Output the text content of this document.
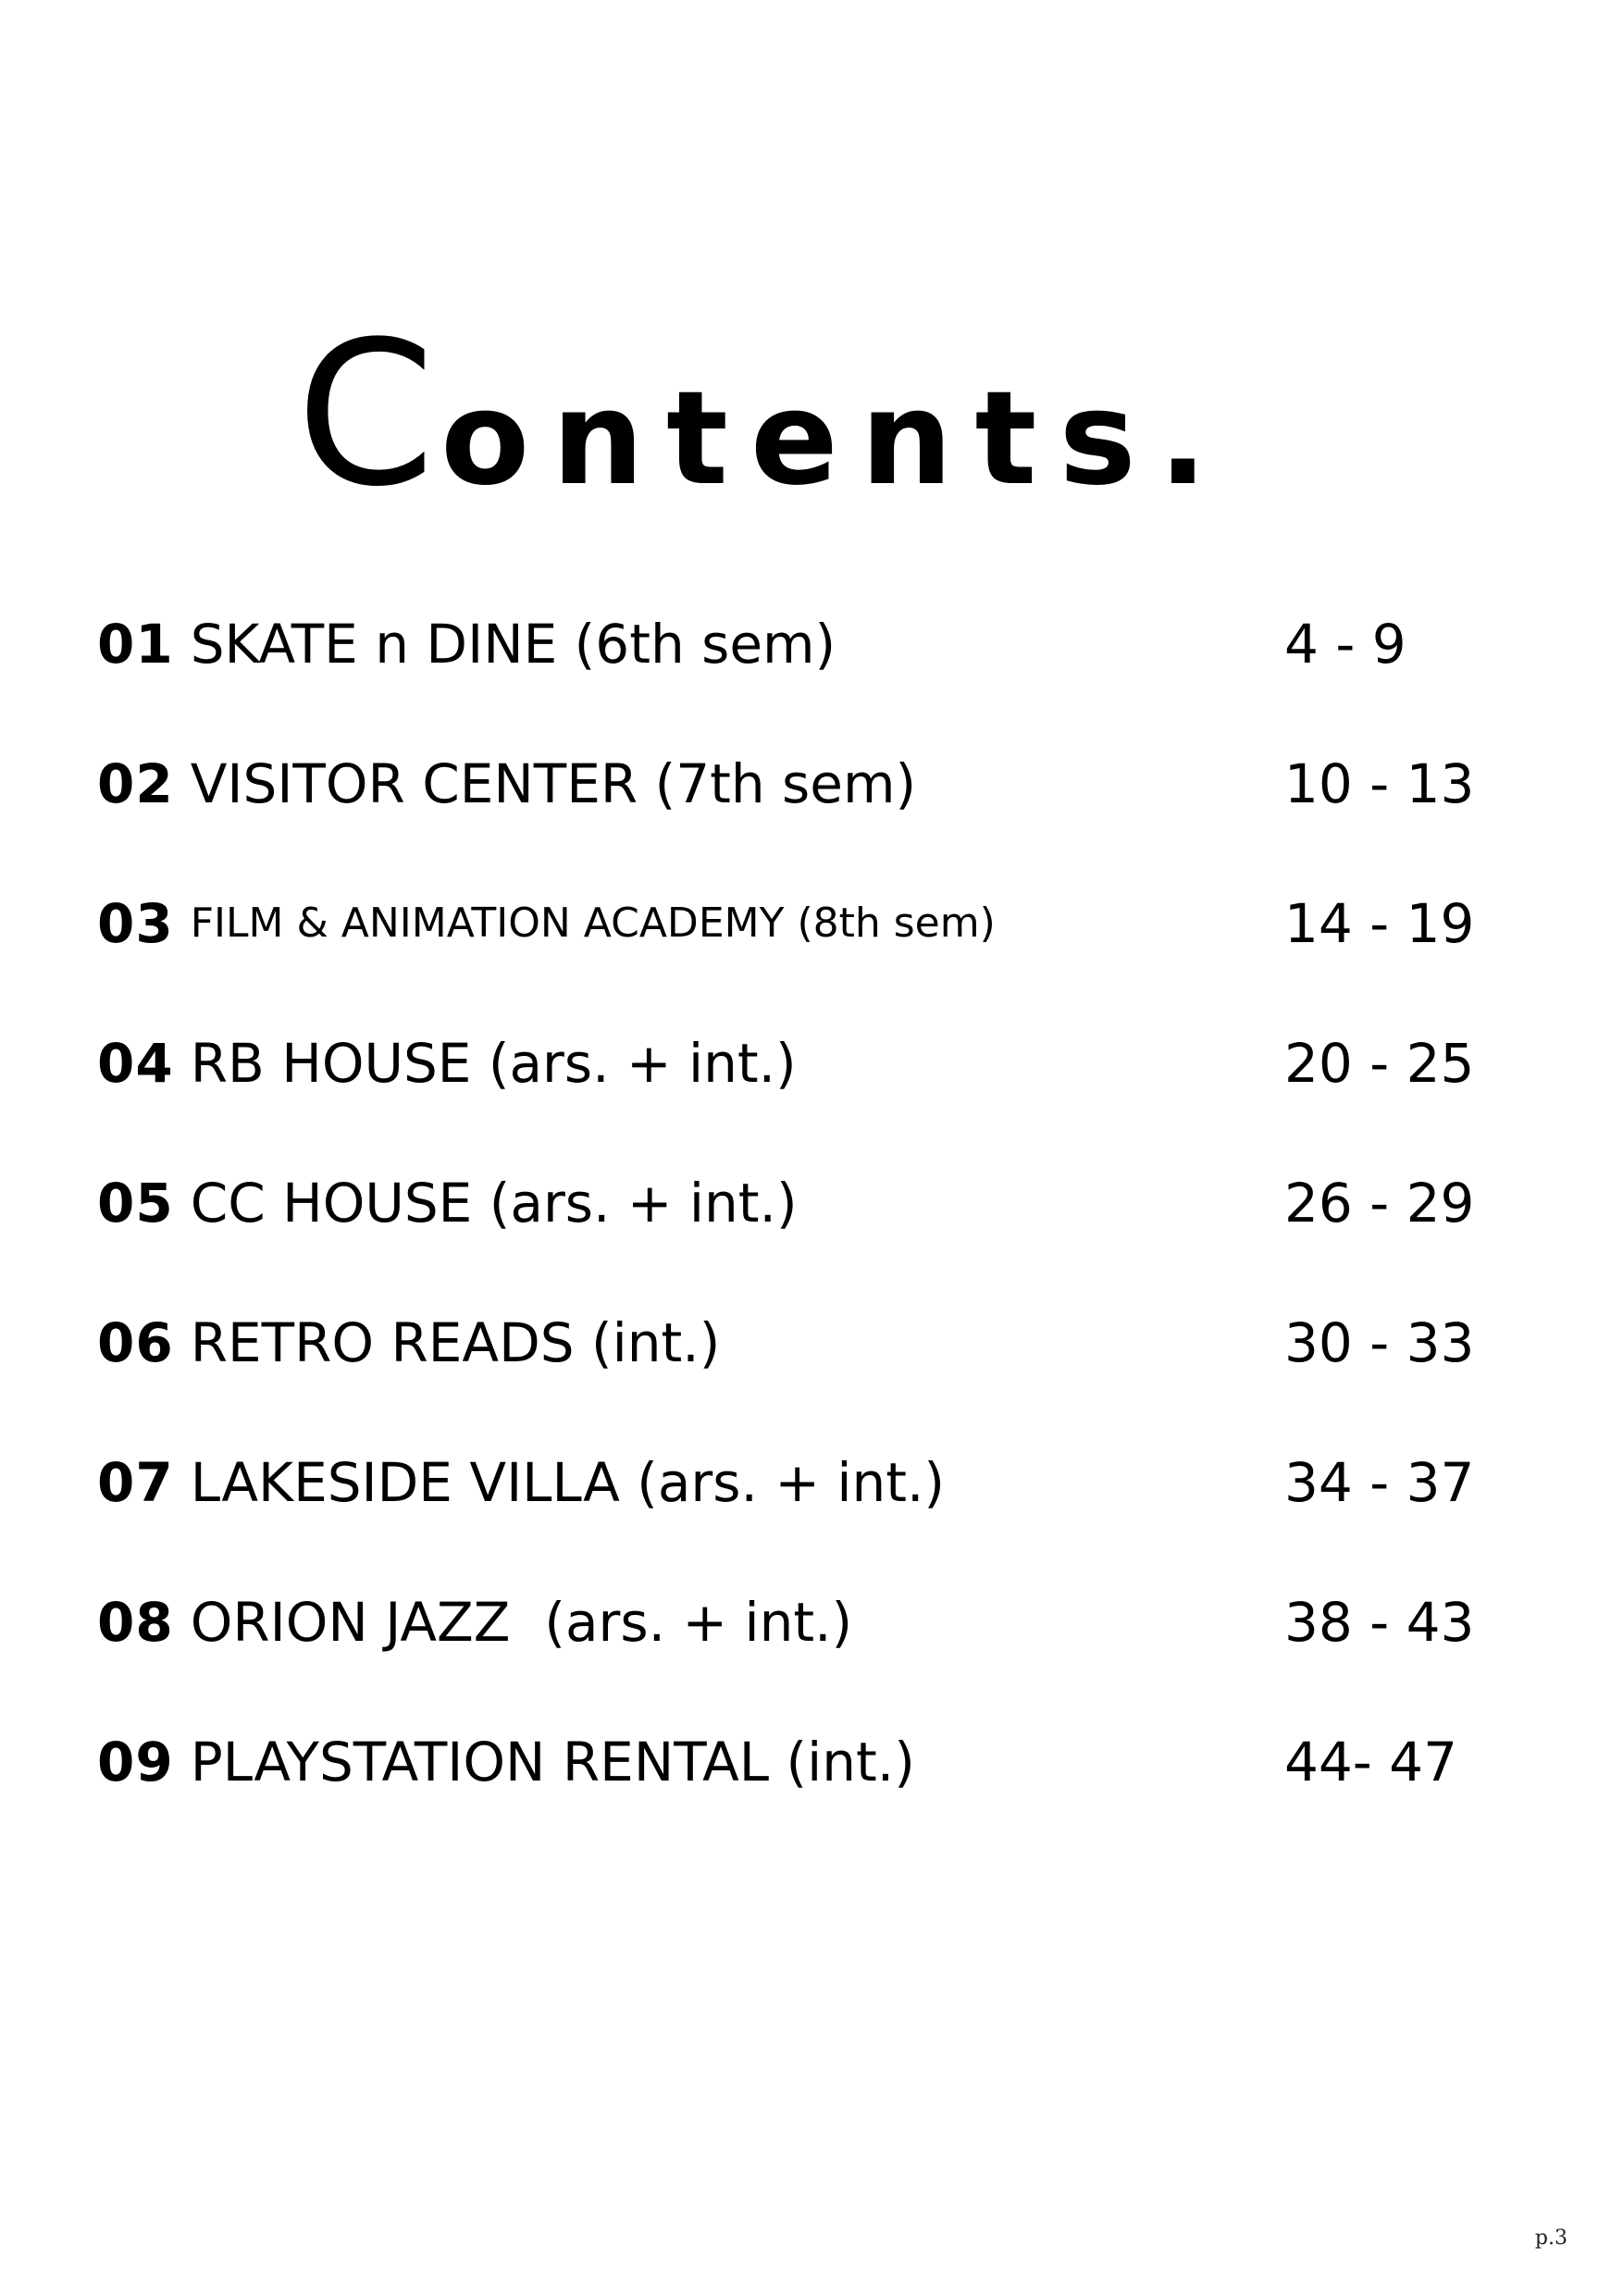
Contents.
01 SKATE n DINE (6th sem)	4 - 9
02 VISITOR CENTER (7th sem)	10 - 13
03 FILM & ANIMATION ACADEMY (8th sem)	14 - 19
04 RB HOUSE (ars. + int.)	20 - 25
05 CC HOUSE (ars. + int.)	26 - 29
06 RETRO READS (int.)	30 - 33
07 LAKESIDE VILLA (ars. + int.)	34 - 37
08 ORION JAZZ  (ars. + int.)	38 - 43
09 PLAYSTATION RENTAL (int.)	44- 47
p.3
